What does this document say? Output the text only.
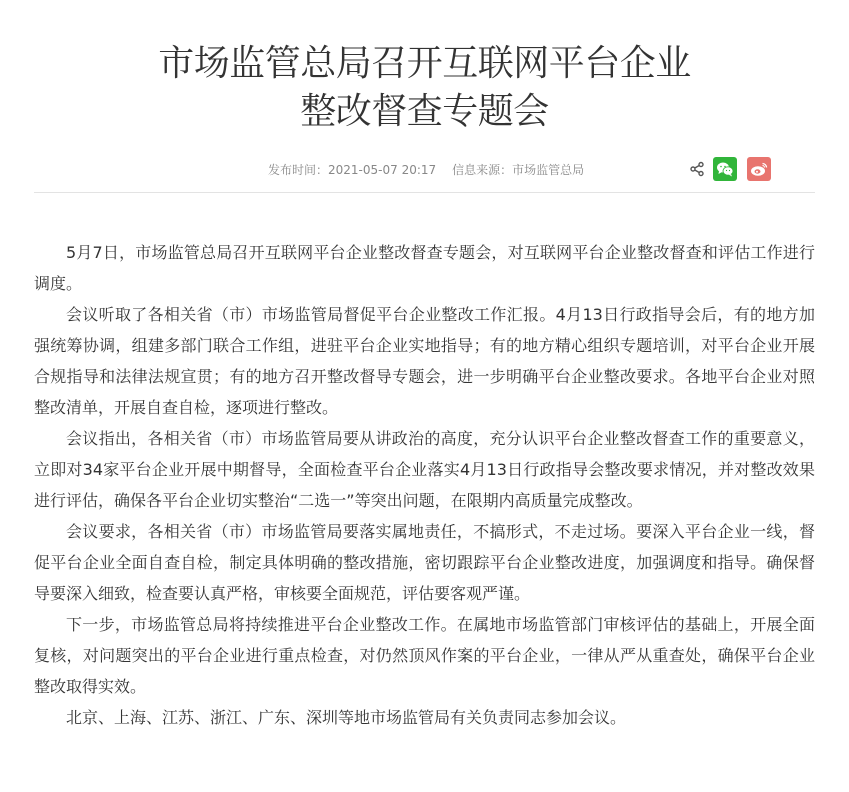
市场监管总局召开互联网平台企业
整改督查专题会
发布时间：2021-05-07 20:17 信息来源：市场监管总局

5月7日，市场监管总局召开互联网平台企业整改督查专题会，对互联网平台企业整改督查和评估工作进行调度。

会议听取了各相关省（市）市场监管局督促平台企业整改工作汇报。4月13日行政指导会后，有的地方加强统筹协调，组建多部门联合工作组，进驻平台企业实地指导；有的地方精心组织专题培训，对平台企业开展合规指导和法律法规宣贯；有的地方召开整改督导专题会，进一步明确平台企业整改要求。各地平台企业对照整改清单，开展自查自检，逐项进行整改。

会议指出，各相关省（市）市场监管局要从讲政治的高度，充分认识平台企业整改督查工作的重要意义，立即对34家平台企业开展中期督导，全面检查平台企业落实4月13日行政指导会整改要求情况，并对整改效果进行评估，确保各平台企业切实整治“二选一”等突出问题，在限期内高质量完成整改。

会议要求，各相关省（市）市场监管局要落实属地责任，不搞形式，不走过场。要深入平台企业一线，督促平台企业全面自查自检，制定具体明确的整改措施，密切跟踪平台企业整改进度，加强调度和指导。确保督导要深入细致，检查要认真严格，审核要全面规范，评估要客观严谨。

下一步，市场监管总局将持续推进平台企业整改工作。在属地市场监管部门审核评估的基础上，开展全面复核，对问题突出的平台企业进行重点检查，对仍然顶风作案的平台企业，一律从严从重查处，确保平台企业整改取得实效。

北京、上海、江苏、浙江、广东、深圳等地市场监管局有关负责同志参加会议。
